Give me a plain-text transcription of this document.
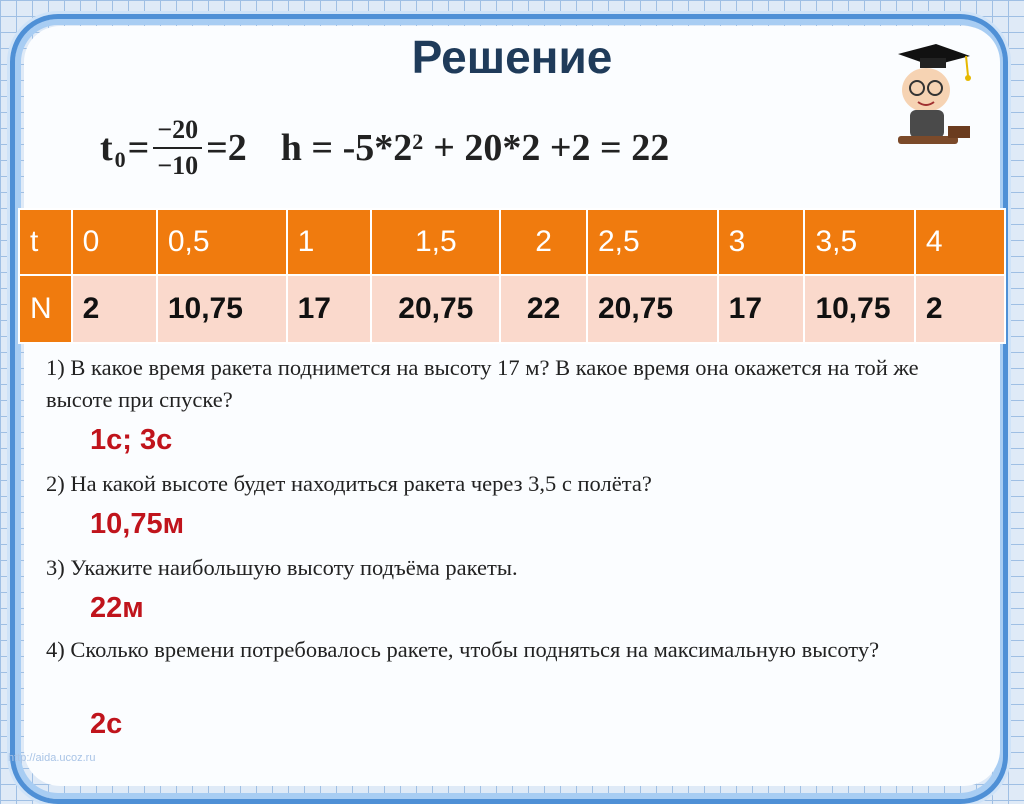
Решение
t $0 = \frac{-20}{-10} =2$ $h = -5*2^2 + 20*2 +2 = 22$
t	0	0,5	1	1,5	2	2,5	3	3,5	4
N	2	10,75	17	20,75	22	20,75	17	10,75	2
1) В какое время ракета поднимется на высоту 17 м? В какое время она окажется на той же высоте при спуске?
1с; 3с
2) На какой высоте будет находиться ракета через 3,5 с полёта?
10,75м
3) Укажите наибольшую высоту подъёма ракеты.
22м
4) Сколько времени потребовалось ракете, чтобы подняться на максимальную высоту?
2с
http://aida.ucoz.ru
